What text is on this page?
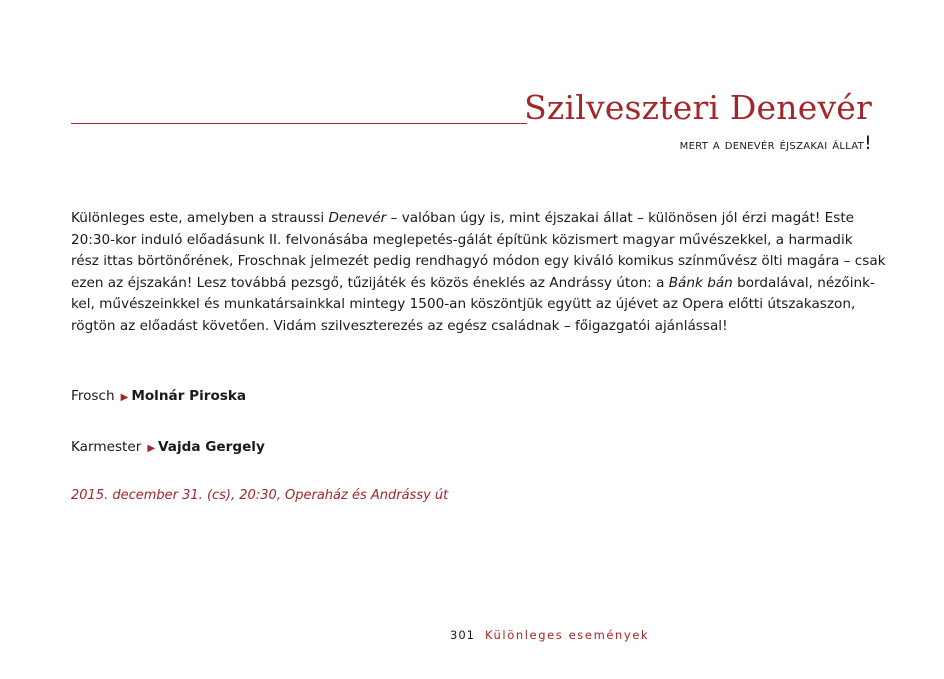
Szilveszteri Denevér
mert a denevér éjszakai állat!

Különleges este, amelyben a straussi Denevér – valóban úgy is, mint éjszakai állat – különösen jól érzi magát! Este
20:30-kor induló előadásunk II. felvonásába meglepetés-gálát építünk közismert magyar művészekkel, a harmadik
rész ittas börtönőrének, Froschnak jelmezét pedig rendhagyó módon egy kiváló komikus színművész ölti magára – csak
ezen az éjszakán! Lesz továbbá pezsgő, tűzijáték és közös éneklés az Andrássy úton: a Bánk bán bordalával, nézőink-
kel, művészeinkkel és munkatársainkkal mintegy 1500-an köszöntjük együtt az újévet az Opera előtti útszakaszon,
rögtön az előadást követően. Vidám szilveszterezés az egész családnak – főigazgatói ajánlással!

Frosch ▶ Molnár Piroska
Karmester ▶ Vajda Gergely
2015. december 31. (cs), 20:30, Operaház és Andrássy út
301 Különleges események
